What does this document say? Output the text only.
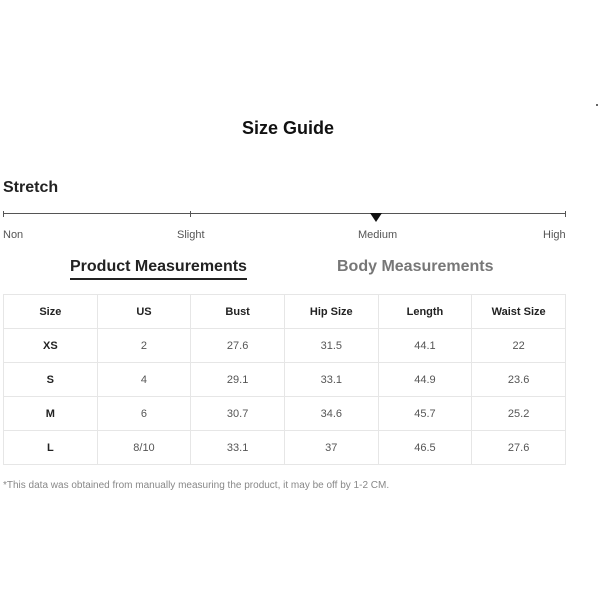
Size Guide
Stretch
Non	Slight	Medium	High
Product Measurements	Body Measurements
Size	US	Bust	Hip Size	Length	Waist Size
XS	2	27.6	31.5	44.1	22
S	4	29.1	33.1	44.9	23.6
M	6	30.7	34.6	45.7	25.2
L	8/10	33.1	37	46.5	27.6
*This data was obtained from manually measuring the product, it may be off by 1-2 CM.
